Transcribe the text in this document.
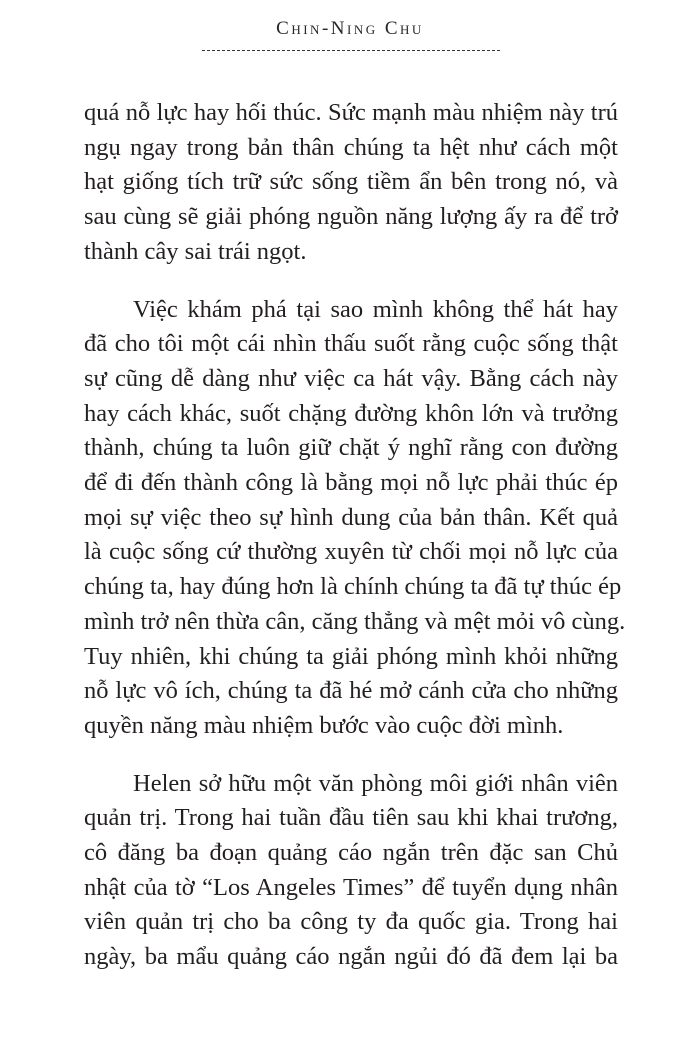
Chin-Ning Chu

quá nỗ lực hay hối thúc. Sức mạnh màu nhiệm này trú
ngụ ngay trong bản thân chúng ta hệt như cách một
hạt giống tích trữ sức sống tiềm ẩn bên trong nó, và
sau cùng sẽ giải phóng nguồn năng lượng ấy ra để trở
thành cây sai trái ngọt.

Việc khám phá tại sao mình không thể hát hay
đã cho tôi một cái nhìn thấu suốt rằng cuộc sống thật
sự cũng dễ dàng như việc ca hát vậy. Bằng cách này
hay cách khác, suốt chặng đường khôn lớn và trưởng
thành, chúng ta luôn giữ chặt ý nghĩ rằng con đường
để đi đến thành công là bằng mọi nỗ lực phải thúc ép
mọi sự việc theo sự hình dung của bản thân. Kết quả
là cuộc sống cứ thường xuyên từ chối mọi nỗ lực của
chúng ta, hay đúng hơn là chính chúng ta đã tự thúc ép
mình trở nên thừa cân, căng thẳng và mệt mỏi vô cùng.
Tuy nhiên, khi chúng ta giải phóng mình khỏi những
nỗ lực vô ích, chúng ta đã hé mở cánh cửa cho những
quyền năng màu nhiệm bước vào cuộc đời mình.

Helen sở hữu một văn phòng môi giới nhân viên
quản trị. Trong hai tuần đầu tiên sau khi khai trương,
cô đăng ba đoạn quảng cáo ngắn trên đặc san Chủ
nhật của tờ “Los Angeles Times” để tuyển dụng nhân
viên quản trị cho ba công ty đa quốc gia. Trong hai
ngày, ba mẩu quảng cáo ngắn ngủi đó đã đem lại ba
